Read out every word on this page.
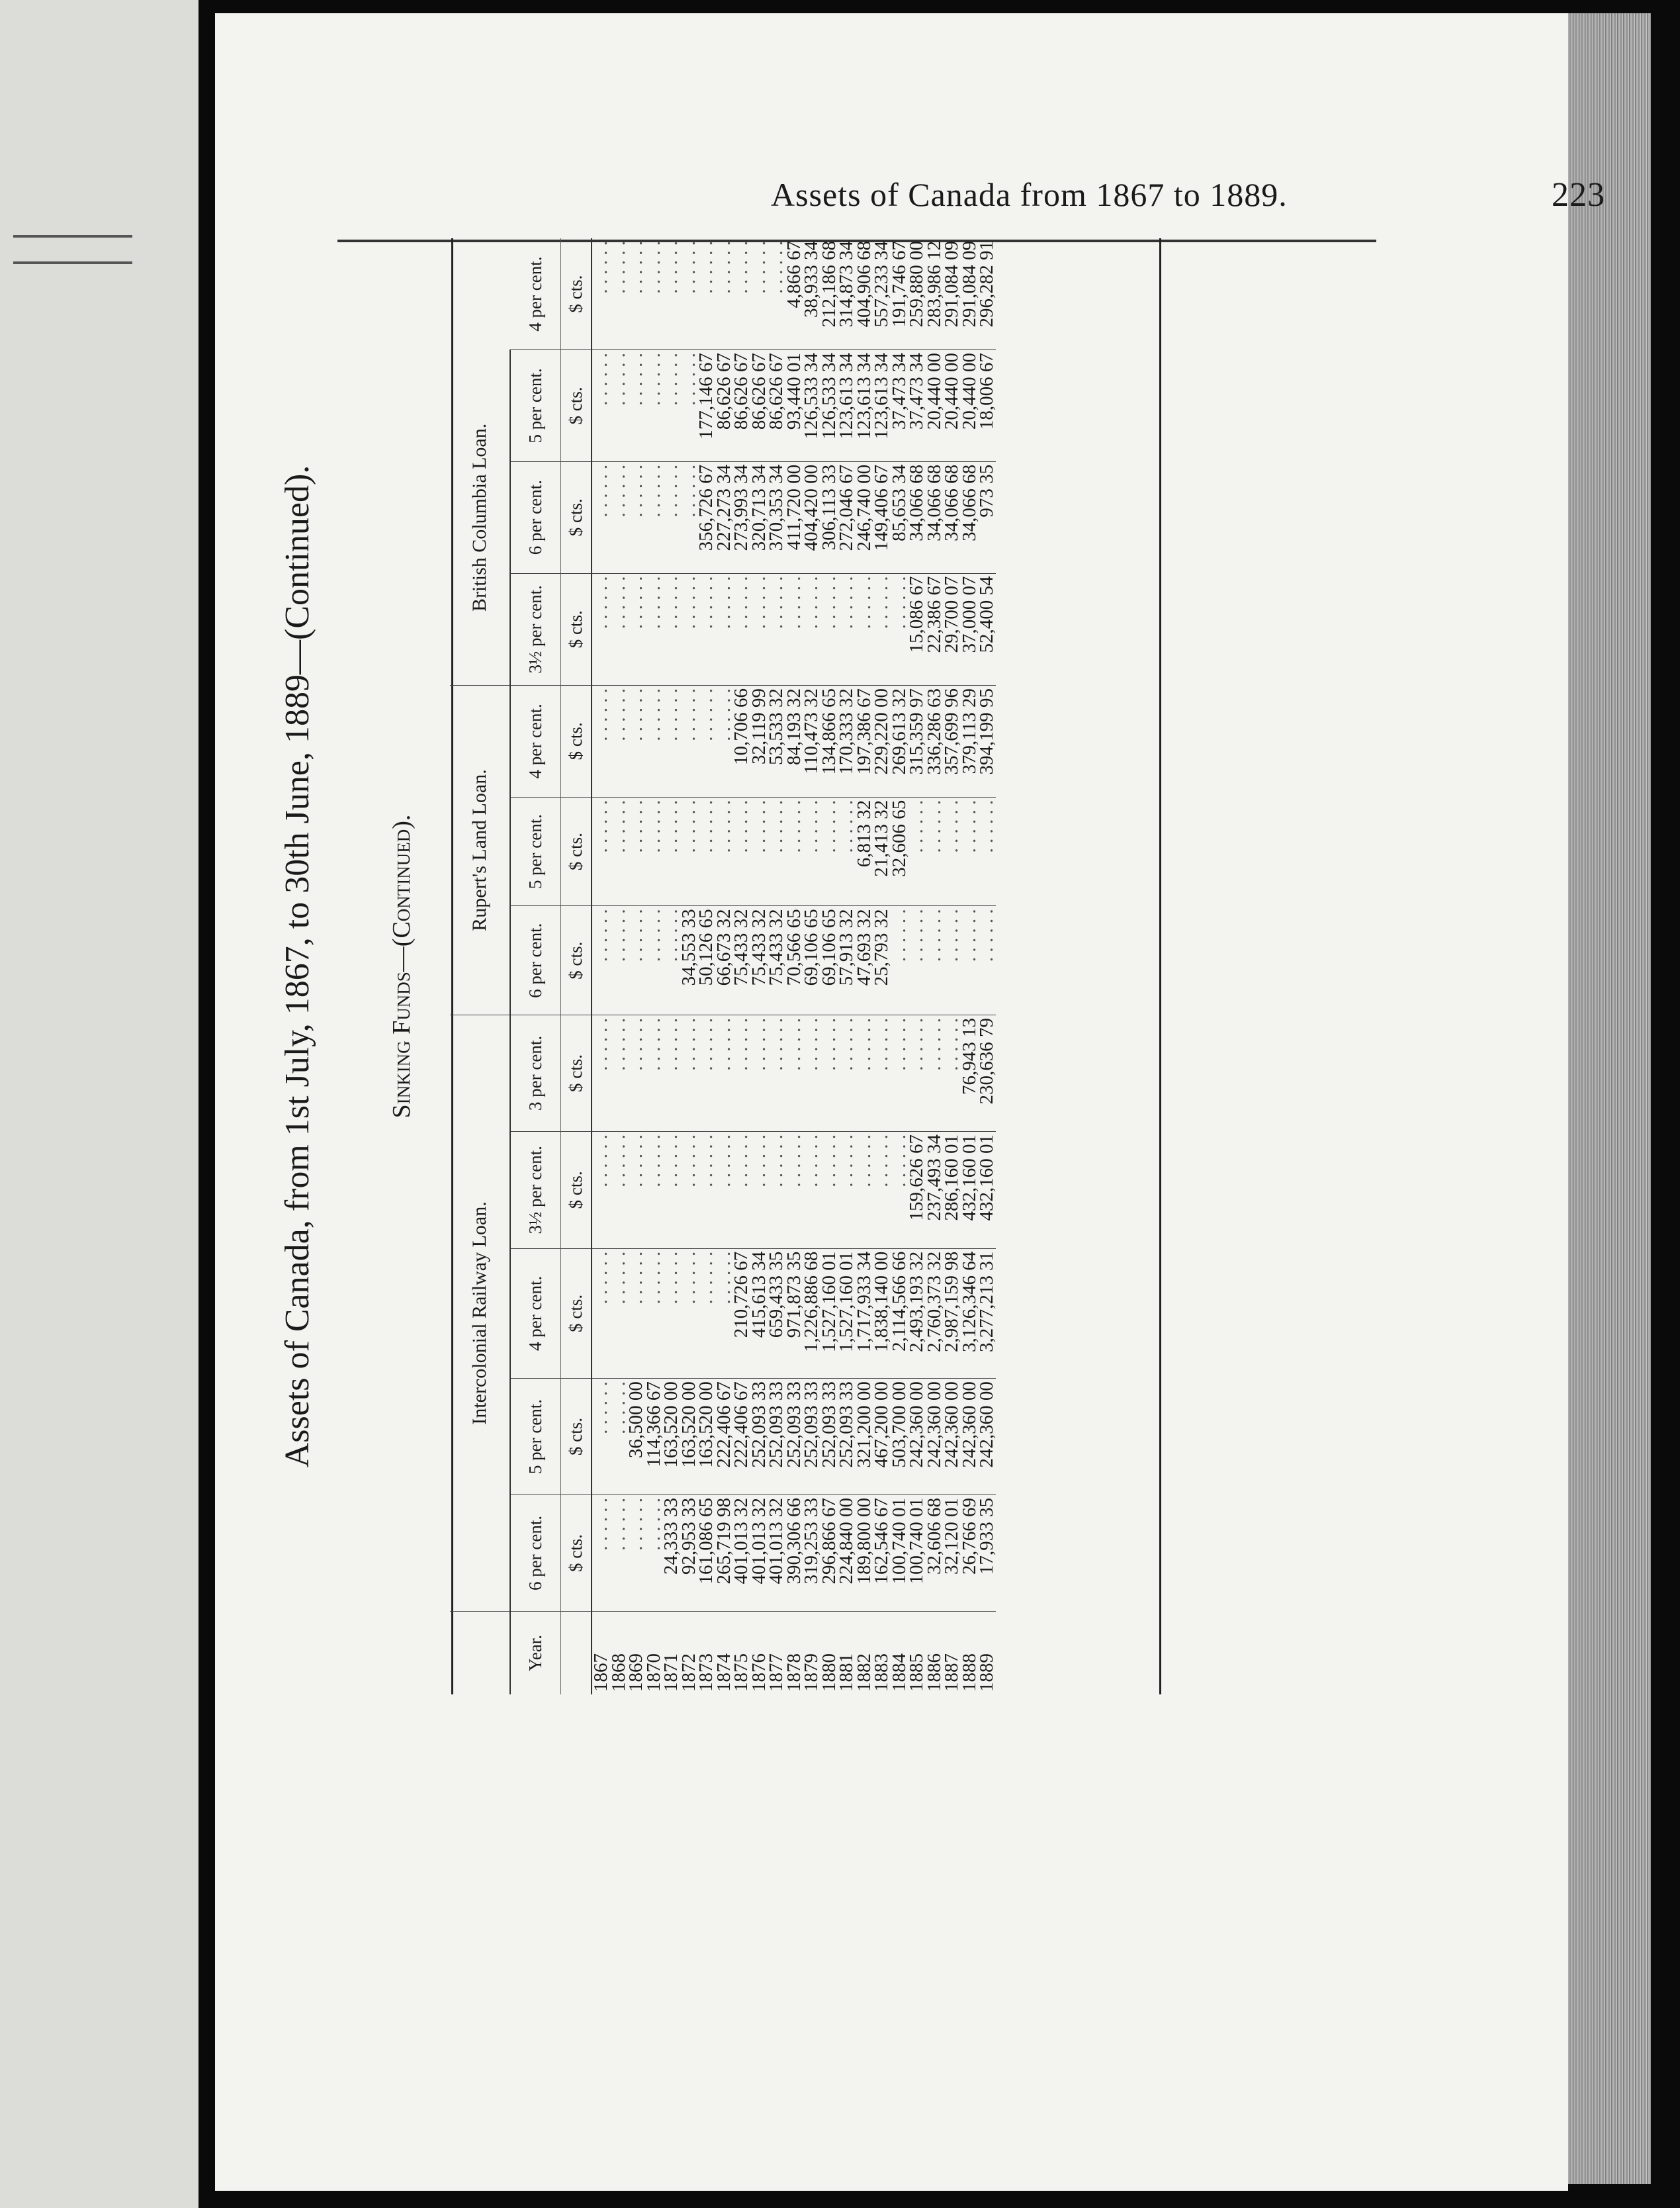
Assets of Canada from 1867 to 1889.	223
Assets of Canada, from 1st July, 1867, to 30th June, 1889—(Continued).	Sinking Funds—(Continued).
	Intercolonial Railway Loan.					Rupert's Land Loan.			British Columbia Loan.			
Year.	6 per cent.	5 per cent.	4 per cent.	3½ per cent.	3 per cent.	6 per cent.	5 per cent.	4 per cent.	3½ per cent.	6 per cent.	5 per cent.	4 per cent.
	$ cts.	$ cts.	$ cts.	$ cts.	$ cts.	$ cts.	$ cts.	$ cts.	$ cts.	$ cts.	$ cts.	$ cts.
1867	. . . . . .	. . . . . .	. . . . . .	. . . . . .	. . . . . .	. . . . . .	. . . . . .	. . . . . .	. . . . . .	. . . . . .	. . . . . .	. . . . . .
1868	. . . . . .	. . . . . .	. . . . . .	. . . . . .	. . . . . .	. . . . . .	. . . . . .	. . . . . .	. . . . . .	. . . . . .	. . . . . .	. . . . . .
1869	. . . . . .	36,500 00	. . . . . .	. . . . . .	. . . . . .	. . . . . .	. . . . . .	. . . . . .	. . . . . .	. . . . . .	. . . . . .	. . . . . .
1870	. . . . . .	114,366 67	. . . . . .	. . . . . .	. . . . . .	. . . . . .	. . . . . .	. . . . . .	. . . . . .	. . . . . .	. . . . . .	. . . . . .
1871	24,333 33	163,520 00	. . . . . .	. . . . . .	. . . . . .	. . . . . .	. . . . . .	. . . . . .	. . . . . .	. . . . . .	. . . . . .	. . . . . .
1872	92,953 33	163,520 00	. . . . . .	. . . . . .	. . . . . .	34,553 33	. . . . . .	. . . . . .	. . . . . .	. . . . . .	. . . . . .	. . . . . .
1873	161,086 65	163,520 00	. . . . . .	. . . . . .	. . . . . .	50,126 65	. . . . . .	. . . . . .	. . . . . .	356,726 67	177,146 67	. . . . . .
1874	265,719 98	222,406 67	. . . . . .	. . . . . .	. . . . . .	66,673 32	. . . . . .	. . . . . .	. . . . . .	227,273 34	86,626 67	. . . . . .
1875	401,013 32	222,406 67	210,726 67	. . . . . .	. . . . . .	75,433 32	. . . . . .	10,706 66	. . . . . .	273,993 34	86,626 67	. . . . . .
1876	401,013 32	252,093 33	415,613 34	. . . . . .	. . . . . .	75,433 32	. . . . . .	32,119 99	. . . . . .	320,713 34	86,626 67	. . . . . .
1877	401,013 32	252,093 33	659,433 35	. . . . . .	. . . . . .	75,433 32	. . . . . .	53,533 32	. . . . . .	370,353 34	86,626 67	. . . . . .
1878	390,306 66	252,093 33	971,873 35	. . . . . .	. . . . . .	70,566 65	. . . . . .	84,193 32	. . . . . .	411,720 00	93,440 01	4,866 67
1879	319,253 33	252,093 33	1,226,886 68	. . . . . .	. . . . . .	69,106 65	. . . . . .	110,473 32	. . . . . .	404,420 00	126,533 34	38,933 34
1880	296,866 67	252,093 33	1,527,160 01	. . . . . .	. . . . . .	69,106 65	. . . . . .	134,866 65	. . . . . .	306,113 33	126,533 34	212,186 68
1881	224,840 00	252,093 33	1,527,160 01	. . . . . .	. . . . . .	57,913 32	. . . . . .	170,333 32	. . . . . .	272,046 67	123,613 34	314,873 34
1882	189,800 00	321,200 00	1,717,933 34	. . . . . .	. . . . . .	47,693 32	6,813 32	197,386 67	. . . . . .	246,740 00	123,613 34	404,906 68
1883	162,546 67	467,200 00	1,838,140 00	. . . . . .	. . . . . .	25,793 32	21,413 32	229,220 00	. . . . . .	149,406 67	123,613 34	557,233 34
1884	100,740 01	503,700 00	2,114,566 66	. . . . . .	. . . . . .	. . . . . .	32,606 65	269,613 32	. . . . . .	85,653 34	37,473 34	191,746 67
1885	100,740 01	242,360 00	2,493,193 32	159,626 67	. . . . . .	. . . . . .	. . . . . .	315,359 97	15,086 67	34,066 68	37,473 34	259,880 00
1886	32,606 68	242,360 00	2,760,373 32	237,493 34	. . . . . .	. . . . . .	. . . . . .	336,286 63	22,386 67	34,066 68	20,440 00	283,986 12
1887	32,120 01	242,360 00	2,987,159 98	286,160 01	. . . . . .	. . . . . .	. . . . . .	357,699 96	29,700 07	34,066 68	20,440 00	291,084 09
1888	26,766 69	242,360 00	3,126,346 64	432,160 01	76,943 13	. . . . . .	. . . . . .	379,113 29	37,000 07	34,066 68	20,440 00	291,084 09
1889	17,933 35	242,360 00	3,277,213 31	432,160 01	230,636 79	. . . . . .	. . . . . .	394,199 95	52,400 54	973 35	18,006 67	296,282 91
